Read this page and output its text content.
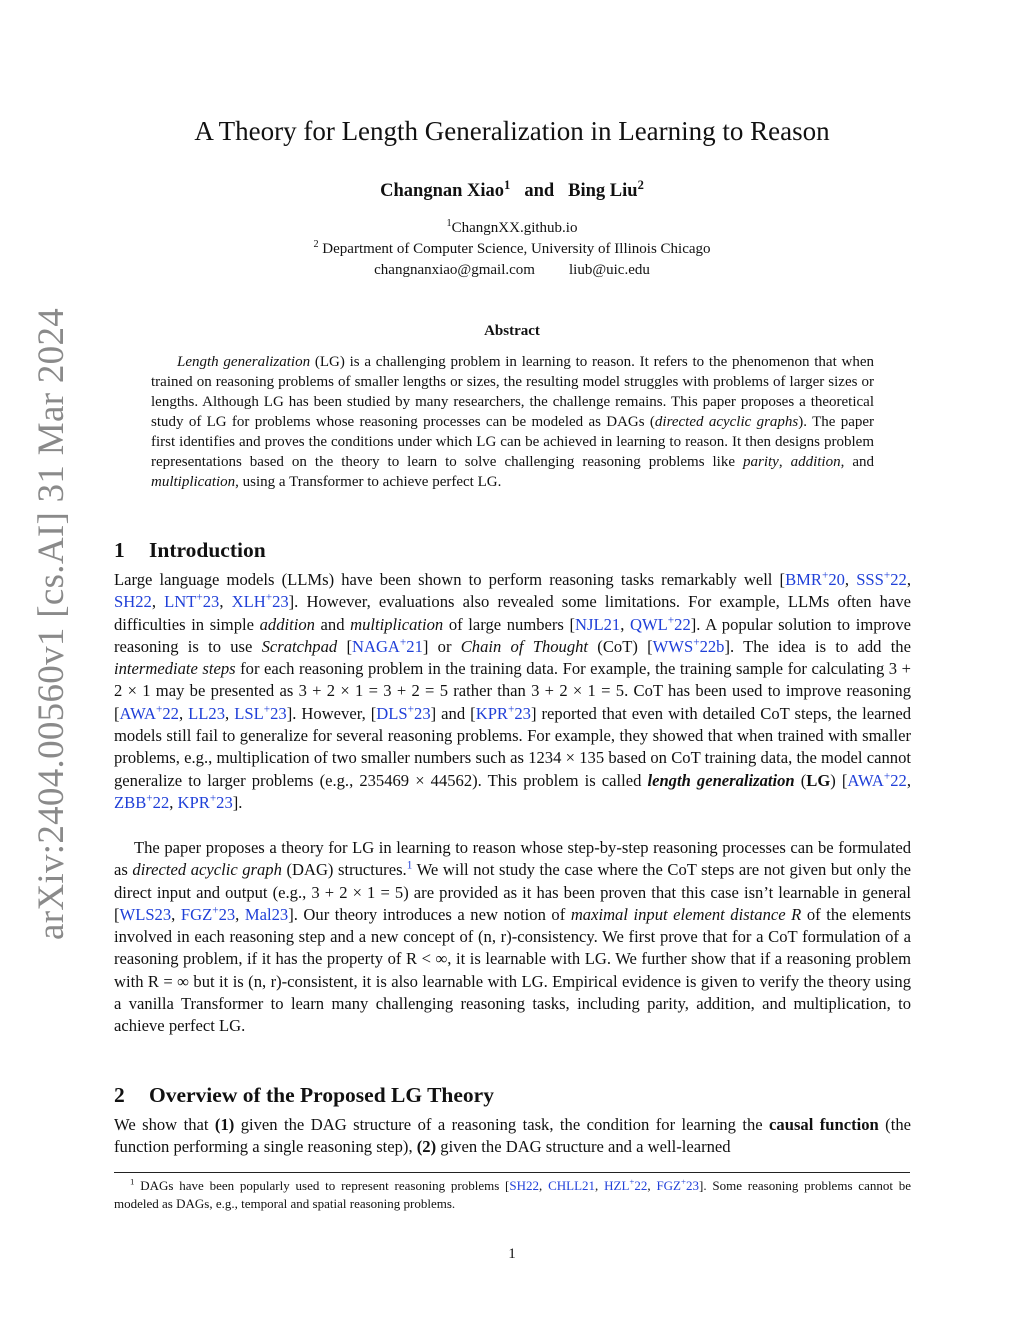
arXiv:2404.00560v1 [cs.AI] 31 Mar 2024
A Theory for Length Generalization in Learning to Reason
Changnan Xiao$^1$ and Bing Liu$^2$
$^1$ChangnXX.github.io
$^2$ Department of Computer Science, University of Illinois Chicago
changnanxiao@gmail.com liub@uic.edu
Abstract

Length generalization (LG) is a challenging problem in learning to reason. It refers to the phenomenon that when trained on reasoning problems of smaller lengths or sizes, the resulting model struggles with problems of larger sizes or lengths. Although LG has been studied by many researchers, the challenge remains. This paper proposes a theoretical study of LG for problems whose reasoning processes can be modeled as DAGs (directed acyclic graphs). The paper first identifies and proves the conditions under which LG can be achieved in learning to reason. It then designs problem representations based on the theory to learn to solve challenging reasoning problems like parity, addition, and multiplication, using a Transformer to achieve perfect LG.

1 Introduction

Large language models (LLMs) have been shown to perform reasoning tasks remarkably well [BMR+20, SSS+22, SH22, LNT+23, XLH+23]. However, evaluations also revealed some limitations. For example, LLMs often have difficulties in simple addition and multiplication of large numbers [NJL21, QWL+22]. A popular solution to improve reasoning is to use Scratchpad [NAGA+21] or Chain of Thought (CoT) [WWS+22b]. The idea is to add the intermediate steps for each reasoning problem in the training data. For example, the training sample for calculating 3 + 2 × 1 may be presented as 3 + 2 × 1 = 3 + 2 = 5 rather than 3 + 2 × 1 = 5. CoT has been used to improve reasoning [AWA+22, LL23, LSL+23]. However, [DLS+23] and [KPR+23] reported that even with detailed CoT steps, the learned models still fail to generalize for several reasoning problems. For example, they showed that when trained with smaller problems, e.g., multiplication of two smaller numbers such as 1234 × 135 based on CoT training data, the model cannot generalize to larger problems (e.g., 235469 × 44562). This problem is called length generalization (LG) [AWA+22, ZBB+22, KPR+23].

The paper proposes a theory for LG in learning to reason whose step-by-step reasoning processes can be formulated as directed acyclic graph (DAG) structures.$^1$ We will not study the case where the CoT steps are not given but only the direct input and output (e.g., 3 + 2 × 1 = 5) are provided as it has been proven that this case isn’t learnable in general [WLS23, FGZ+23, Mal23]. Our theory introduces a new notion of maximal input element distance R of the elements involved in each reasoning step and a new concept of (n, r)-consistency. We first prove that for a CoT formulation of a reasoning problem, if it has the property of R < ∞, it is learnable with LG. We further show that if a reasoning problem with R = ∞ but it is (n, r)-consistent, it is also learnable with LG. Empirical evidence is given to verify the theory using a vanilla Transformer to learn many challenging reasoning tasks, including parity, addition, and multiplication, to achieve perfect LG.

2 Overview of the Proposed LG Theory

We show that (1) given the DAG structure of a reasoning task, the condition for learning the causal function (the function performing a single reasoning step), (2) given the DAG structure and a well-learned

$^1$ DAGs have been popularly used to represent reasoning problems [SH22, CHLL21, HZL+22, FGZ+23]. Some reasoning problems cannot be modeled as DAGs, e.g., temporal and spatial reasoning problems.

1
